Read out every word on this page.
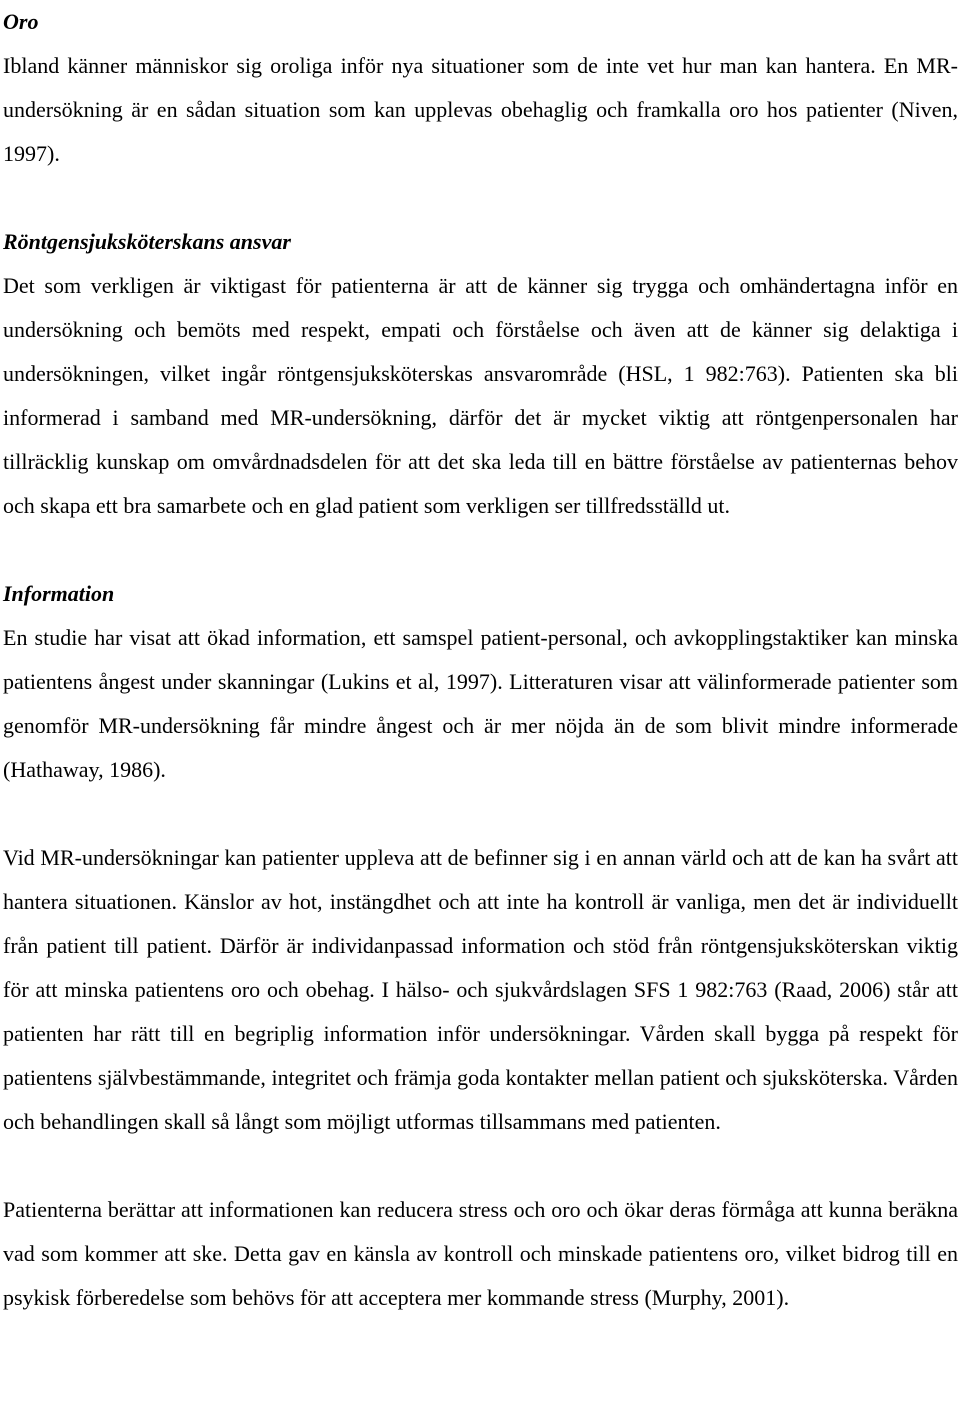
Oro

Ibland känner människor sig oroliga inför nya situationer som de inte vet hur man kan hantera. En MR-undersökning är en sådan situation som kan upplevas obehaglig och framkalla oro hos patienter (Niven, 1997).

Röntgensjuksköterskans ansvar

Det som verkligen är viktigast för patienterna är att de känner sig trygga och omhändertagna inför en undersökning och bemöts med respekt, empati och förståelse och även att de känner sig delaktiga i undersökningen, vilket ingår röntgensjuksköterskas ansvarområde (HSL, 1 982:763). Patienten ska bli informerad i samband med MR-undersökning, därför det är mycket viktig att röntgenpersonalen har tillräcklig kunskap om omvårdnadsdelen för att det ska leda till en bättre förståelse av patienternas behov och skapa ett bra samarbete och en glad patient som verkligen ser tillfredsställd ut.

Information

En studie har visat att ökad information, ett samspel patient-personal, och avkopplingstaktiker kan minska patientens ångest under skanningar (Lukins et al, 1997). Litteraturen visar att välinformerade patienter som genomför MR-undersökning får mindre ångest och är mer nöjda än de som blivit mindre informerade (Hathaway, 1986).

Vid MR-undersökningar kan patienter uppleva att de befinner sig i en annan värld och att de kan ha svårt att hantera situationen. Känslor av hot, instängdhet och att inte ha kontroll är vanliga, men det är individuellt från patient till patient. Därför är individanpassad information och stöd från röntgensjuksköterskan viktig för att minska patientens oro och obehag. I hälso- och sjukvårdslagen SFS 1 982:763 (Raad, 2006) står att patienten har rätt till en begriplig information inför undersökningar. Vården skall bygga på respekt för patientens självbestämmande, integritet och främja goda kontakter mellan patient och sjuksköterska. Vården och behandlingen skall så långt som möjligt utformas tillsammans med patienten.

Patienterna berättar att informationen kan reducera stress och oro och ökar deras förmåga att kunna beräkna vad som kommer att ske. Detta gav en känsla av kontroll och minskade patientens oro, vilket bidrog till en psykisk förberedelse som behövs för att acceptera mer kommande stress (Murphy, 2001).
